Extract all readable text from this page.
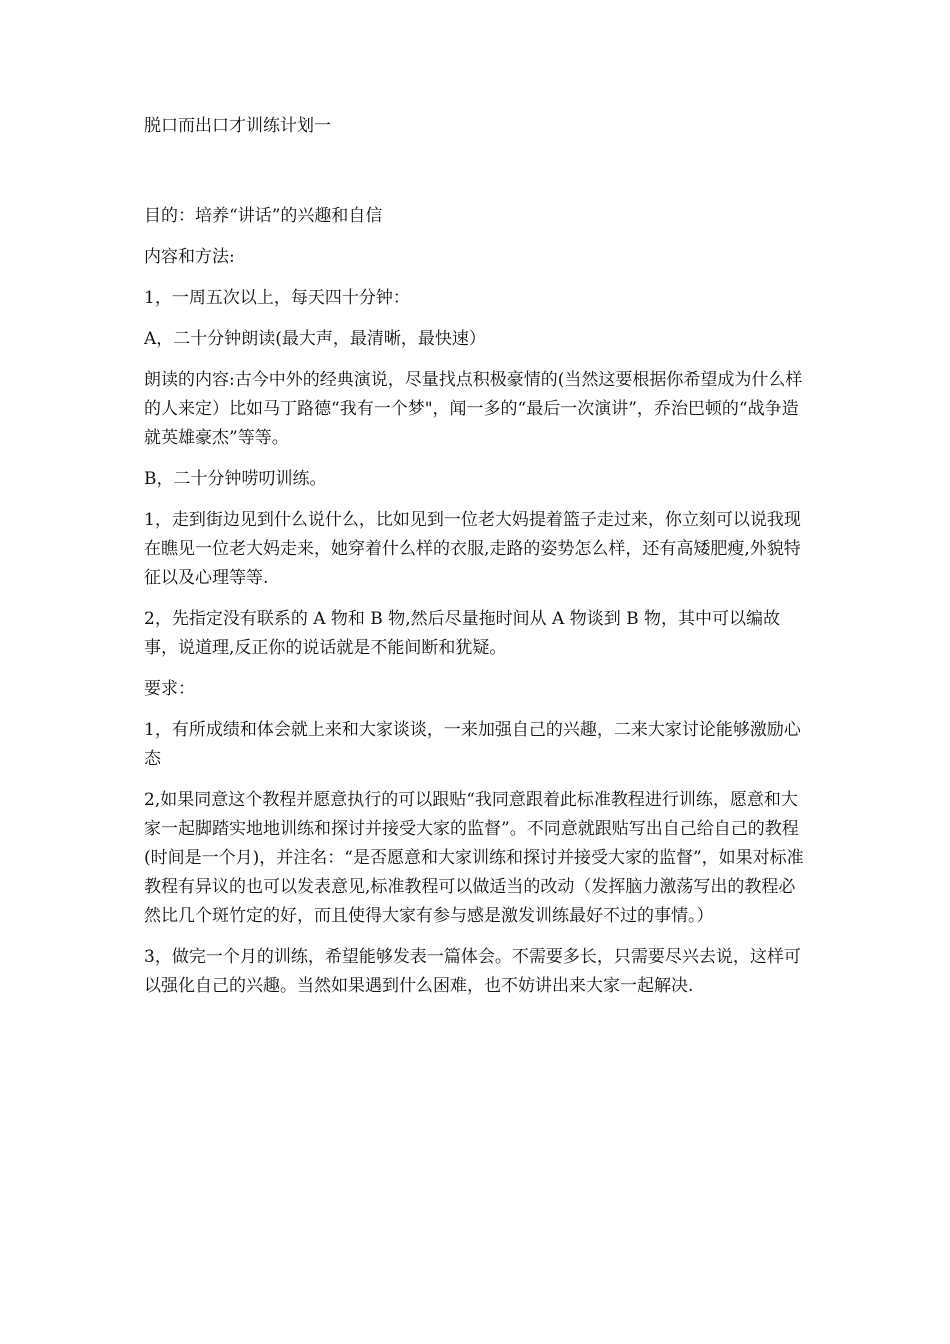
脱口而出口才训练计划一

目的：培养“讲话”的兴趣和自信

内容和方法:

1，一周五次以上，每天四十分钟：

A，二十分钟朗读(最大声，最清晰，最快速）

朗读的内容:古今中外的经典演说，尽量找点积极豪情的(当然这要根据你希望成为什么样的人来定）比如马丁路德“我有一个梦"，闻一多的“最后一次演讲”，乔治巴顿的“战争造就英雄豪杰”等等。

B，二十分钟唠叨训练。

1，走到街边见到什么说什么，比如见到一位老大妈提着篮子走过来，你立刻可以说我现在瞧见一位老大妈走来，她穿着什么样的衣服,走路的姿势怎么样，还有高矮肥瘦,外貌特征以及心理等等.

2，先指定没有联系的 A 物和 B 物,然后尽量拖时间从 A 物谈到 B 物，其中可以编故事，说道理,反正你的说话就是不能间断和犹疑。

要求：

1，有所成绩和体会就上来和大家谈谈，一来加强自己的兴趣，二来大家讨论能够激励心态

2,如果同意这个教程并愿意执行的可以跟贴“我同意跟着此标准教程进行训练，愿意和大家一起脚踏实地地训练和探讨并接受大家的监督”。不同意就跟贴写出自己给自己的教程(时间是一个月)，并注名：“是否愿意和大家训练和探讨并接受大家的监督”，如果对标准教程有异议的也可以发表意见,标准教程可以做适当的改动（发挥脑力激荡写出的教程必然比几个斑竹定的好，而且使得大家有参与感是激发训练最好不过的事情。）

3，做完一个月的训练，希望能够发表一篇体会。不需要多长，只需要尽兴去说，这样可以强化自己的兴趣。当然如果遇到什么困难，也不妨讲出来大家一起解决.
